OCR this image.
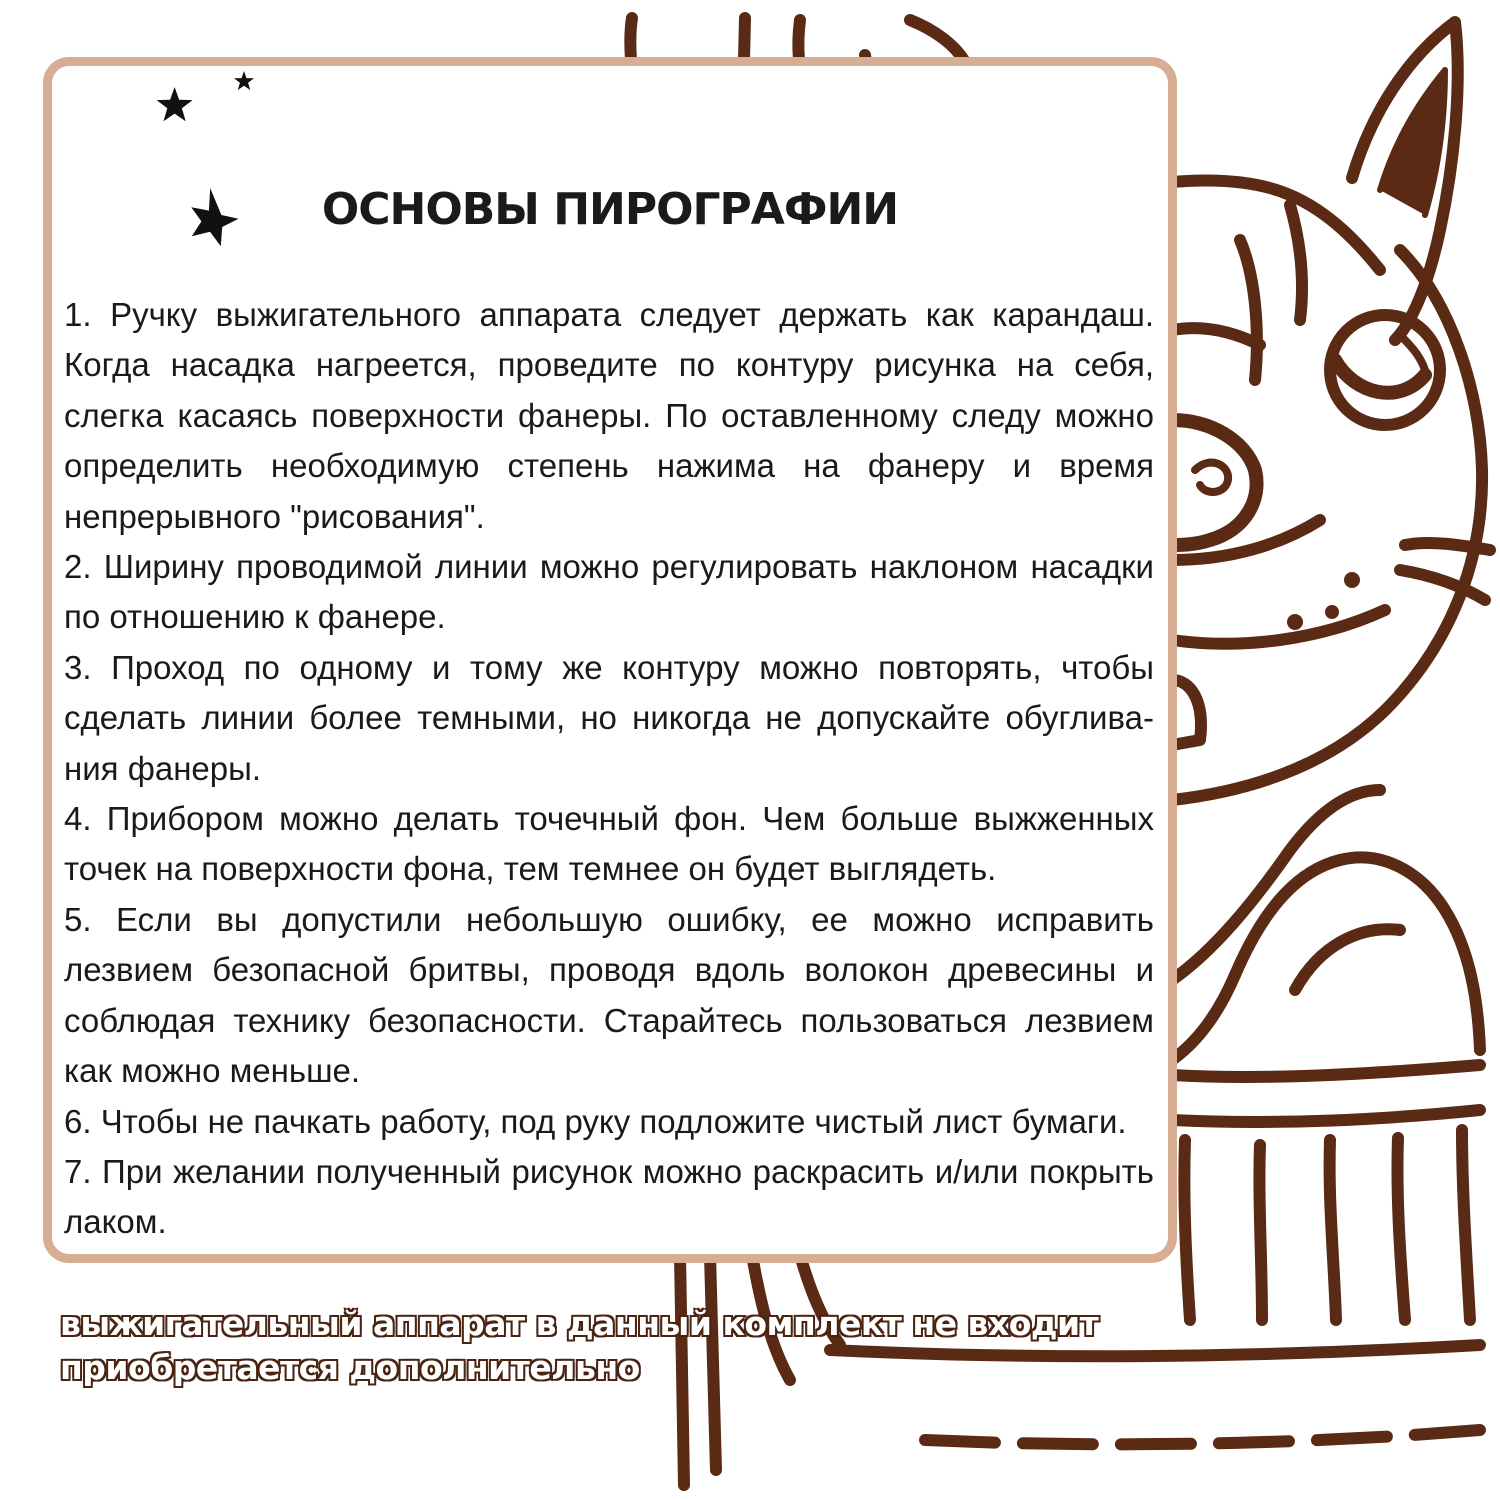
ОСНОВЫ ПИРОГРАФИИ

1. Ручку выжигательного аппарата следует держать как карандаш. Когда насадка нагреется, проведите по контуру рисунка на себя, слегка касаясь поверхности фанеры. По оставленному следу можно определить необходимую степень нажима на фанеру и время непрерывного "рисования".

2. Ширину проводимой линии можно регулировать наклоном насадки по отношению к фанере.

3. Проход по одному и тому же контуру можно повторять, чтобы сделать линии более темными, но никогда не допускайте обуглива-ния фанеры.

4. Прибором можно делать точечный фон. Чем больше выжженных точек на поверхности фона, тем темнее он будет выглядеть.

5. Если вы допустили небольшую ошибку, ее можно исправить лезвием безопасной бритвы, проводя вдоль волокон древесины и соблюдая технику безопасности. Старайтесь пользоваться лезвием как можно меньше.

6. Чтобы не пачкать работу, под руку подложите чистый лист бумаги.

7. При желании полученный рисунок можно раскрасить и/или покрыть лаком.

выжигательный аппарат в данный комплект не входит
приобретается дополнительно
